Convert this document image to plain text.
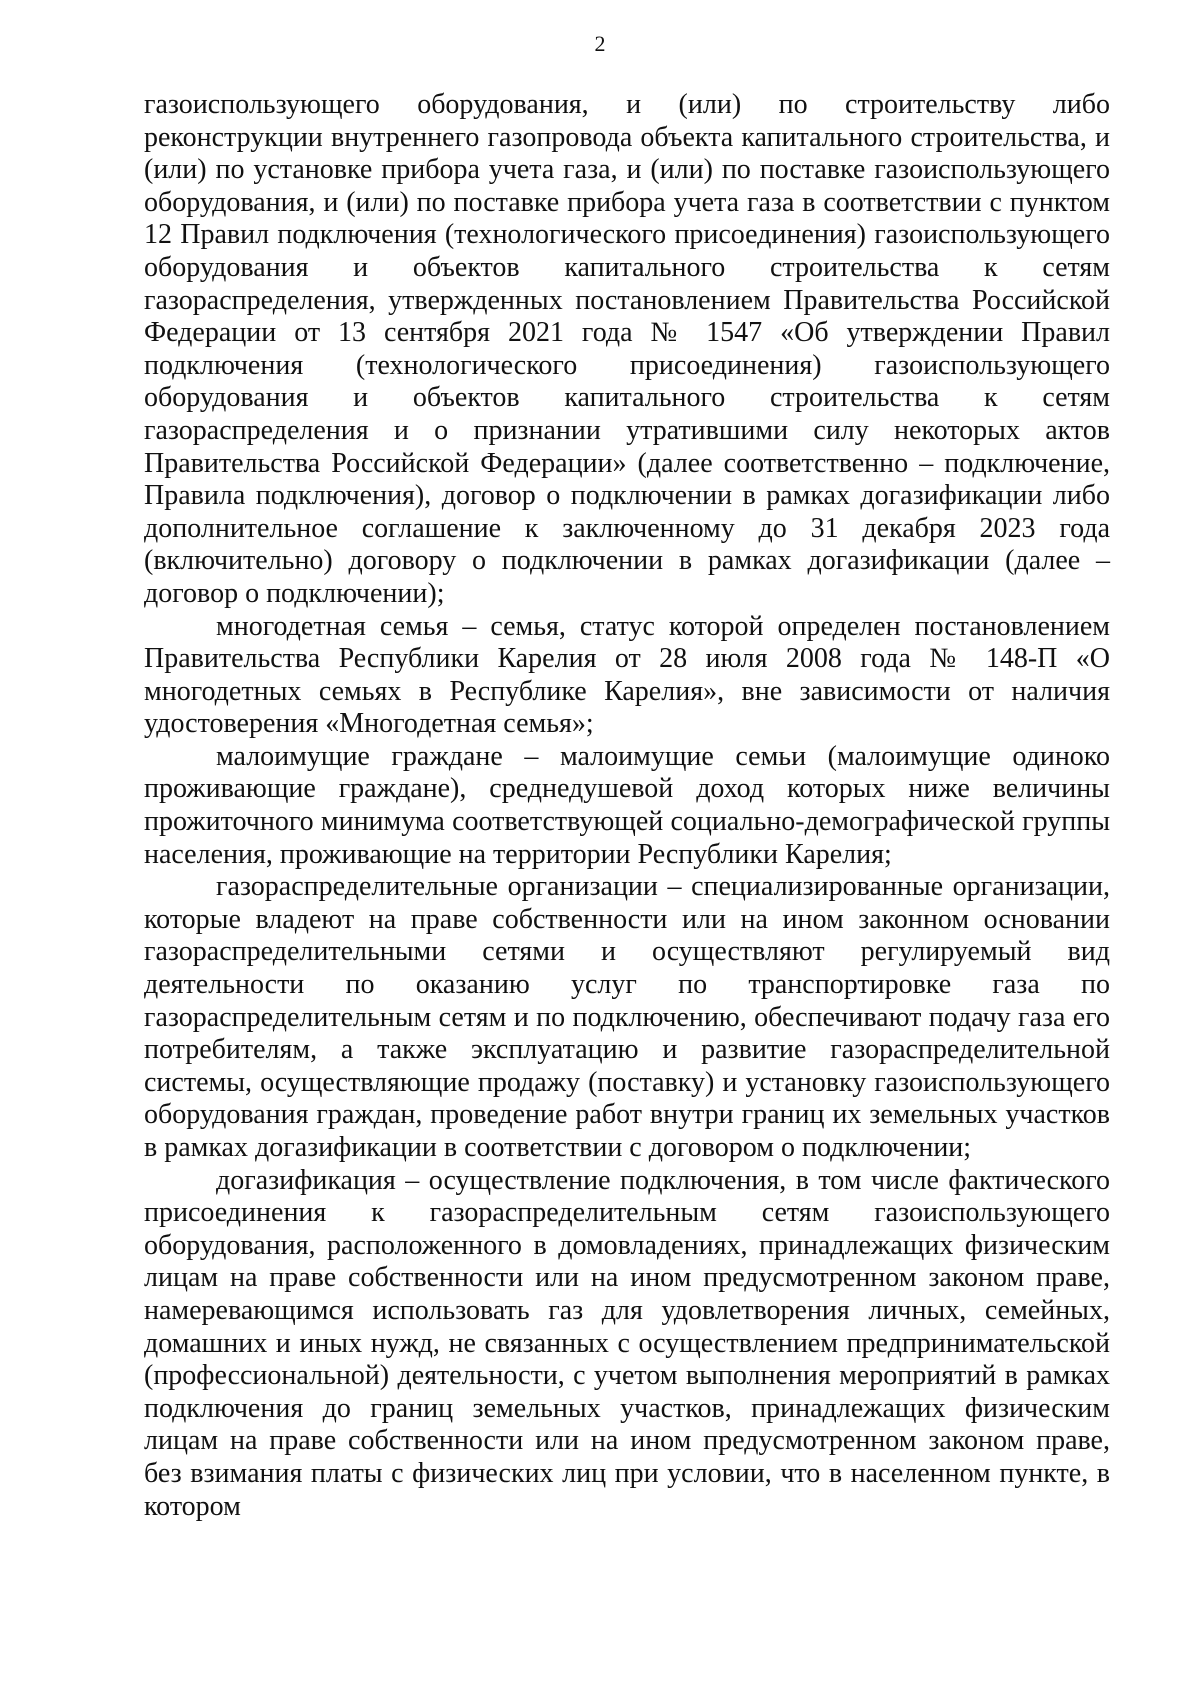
2

газоиспользующего оборудования, и (или) по строительству либо реконструкции внутреннего газопровода объекта капитального строительства, и (или) по установке прибора учета газа, и (или) по поставке газоиспользующего оборудования, и (или) по поставке прибора учета газа в соответствии с пунктом 12 Правил подключения (технологического присоединения) газоиспользующего оборудования и объектов капитального строительства к сетям газораспределения, утвержденных постановлением Правительства Российской Федерации от 13 сентября 2021 года № 1547 «Об утверждении Правил подключения (технологического присоединения) газоиспользующего оборудования и объектов капитального строительства к сетям газораспределения и о признании утратившими силу некоторых актов Правительства Российской Федерации» (далее соответственно – подключение, Правила подключения), договор о подключении в рамках догазификации либо дополнительное соглашение к заключенному до 31 декабря 2023 года (включительно) договору о подключении в рамках догазификации (далее – договор о подключении);

многодетная семья – семья, статус которой определен постановлением Правительства Республики Карелия от 28 июля 2008 года № 148-П «О многодетных семьях в Республике Карелия», вне зависимости от наличия удостоверения «Многодетная семья»;

малоимущие граждане – малоимущие семьи (малоимущие одиноко проживающие граждане), среднедушевой доход которых ниже величины прожиточного минимума соответствующей социально-демографической группы населения, проживающие на территории Республики Карелия;

газораспределительные организации – специализированные организации, которые владеют на праве собственности или на ином законном основании газораспределительными сетями и осуществляют регулируемый вид деятельности по оказанию услуг по транспортировке газа по газораспределительным сетям и по подключению, обеспечивают подачу газа его потребителям, а также эксплуатацию и развитие газораспределительной системы, осуществляющие продажу (поставку) и установку газоиспользующего оборудования граждан, проведение работ внутри границ их земельных участков в рамках догазификации в соответствии с договором о подключении;

догазификация – осуществление подключения, в том числе фактического присоединения к газораспределительным сетям газоиспользующего оборудования, расположенного в домовладениях, принадлежащих физическим лицам на праве собственности или на ином предусмотренном законом праве, намеревающимся использовать газ для удовлетворения личных, семейных, домашних и иных нужд, не связанных с осуществлением предпринимательской (профессиональной) деятельности, с учетом выполнения мероприятий в рамках подключения до границ земельных участков, принадлежащих физическим лицам на праве собственности или на ином предусмотренном законом праве, без взимания платы с физических лиц при условии, что в населенном пункте, в котором
